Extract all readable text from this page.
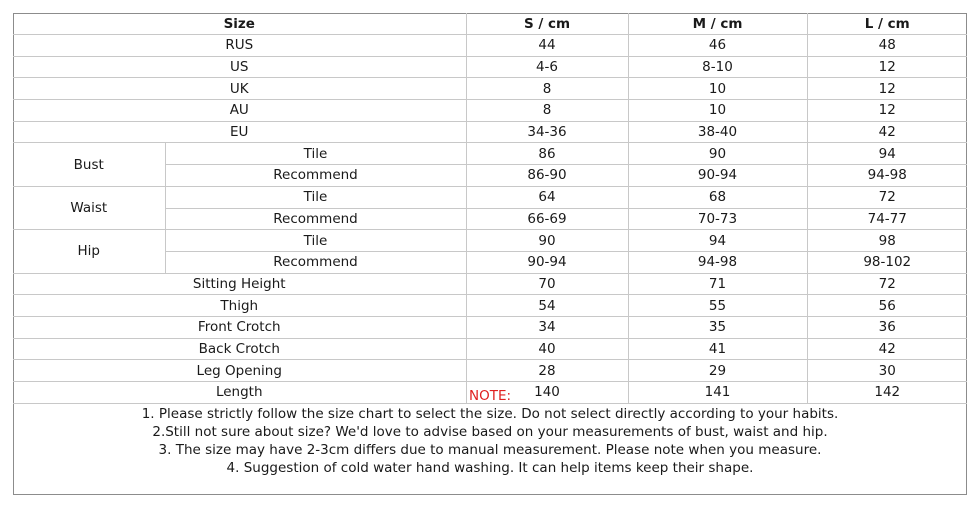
Size		S / cm	M / cm	L / cm
RUS		44	46	48
US		4-6	8-10	12
UK		8	10	12
AU		8	10	12
EU		34-36	38-40	42
Bust	Tile	86	90	94
	Recommend	86-90	90-94	94-98
Waist	Tile	64	68	72
	Recommend	66-69	70-73	74-77
Hip	Tile	90	94	98
	Recommend	90-94	94-98	98-102
Sitting Height		70	71	72
Thigh		54	55	56
Front Crotch		34	35	36
Back Crotch		40	41	42
Leg Opening		28	29	30
Length		140	141	142

NOTE:

1. Please strictly follow the size chart to select the size. Do not select directly according to your habits.

2.Still not sure about size? We'd love to advise based on your measurements of bust, waist and hip.

3. The size may have 2-3cm differs due to manual measurement. Please note when you measure.

4. Suggestion of cold water hand washing. It can help items keep their shape.
